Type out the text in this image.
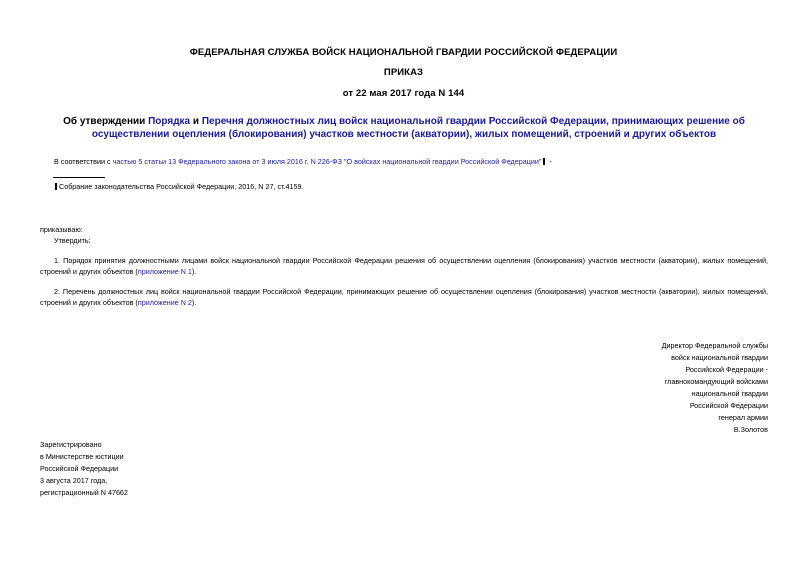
ФЕДЕРАЛЬНАЯ СЛУЖБА ВОЙСК НАЦИОНАЛЬНОЙ ГВАРДИИ РОССИЙСКОЙ ФЕДЕРАЦИИ
ПРИКАЗ
от 22 мая 2017 года N 144
Об утверждении Порядка и Перечня должностных лиц войск национальной гвардии Российской Федерации, принимающих решение об осуществлении оцепления (блокирования) участков местности (акватории), жилых помещений, строений и других объектов
В соответствии с частью 5 статьи 13 Федерального закона от 3 июля 2016 г. N 226-ФЗ "О войсках национальной гвардии Российской Федерации" -
Собрание законодательства Российской Федерации, 2016, N 27, ст.4159.
приказываю:
Утвердить:
1. Порядок принятия должностными лицами войск национальной гвардии Российской Федерации решения об осуществлении оцепления (блокирования) участков местности (акватории), жилых помещений, строений и других объектов (приложение N 1).
2. Перечень должностных лиц войск национальной гвардии Российской Федерации, принимающих решение об осуществлении оцепления (блокирования) участков местности (акватории), жилых помещений, строений и других объектов (приложение N 2).
Директор Федеральной службы
войск национальной гвардии
Российской Федерации -
главнокомандующий войсками
национальной гвардии
Российской Федерации
генерал армии
В.Золотов
Зарегистрировано
в Министерстве юстиции
Российской Федерации
3 августа 2017 года,
регистрационный N 47662
